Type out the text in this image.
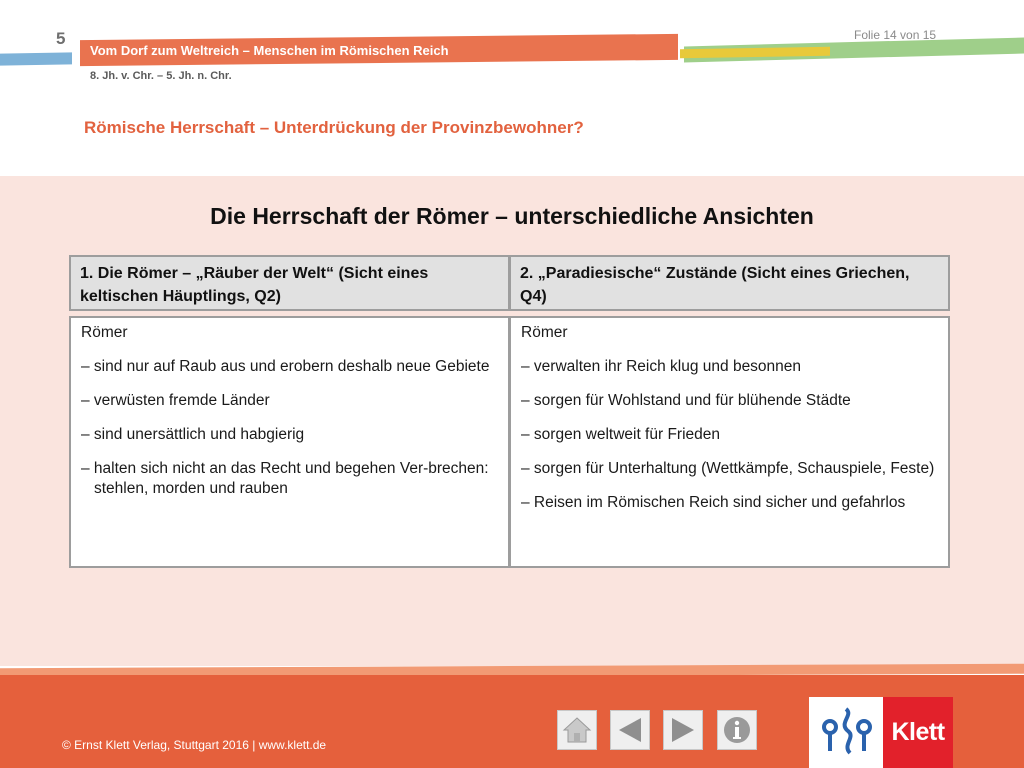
5
Vom Dorf zum Weltreich – Menschen im Römischen Reich
Folie 14 von 15
8. Jh. v. Chr. – 5. Jh. n. Chr.
Römische Herrschaft – Unterdrückung der Provinzbewohner?
Die Herrschaft der Römer – unterschiedliche Ansichten
1. Die Römer – „Räuber der Welt“ (Sicht eines keltischen Häuptlings, Q2)
2. „Paradiesische“ Zustände (Sicht eines Griechen, Q4)
Römer
– sind nur auf Raub aus und erobern deshalb neue Gebiete
– verwüsten fremde Länder
– sind unersättlich und habgierig
– halten sich nicht an das Recht und begehen Ver-brechen: stehlen, morden und rauben
Römer
– verwalten ihr Reich klug und besonnen
– sorgen für Wohlstand und für blühende Städte
– sorgen weltweit für Frieden
– sorgen für Unterhaltung (Wettkämpfe, Schauspiele, Feste)
– Reisen im Römischen Reich sind sicher und gefahrlos
© Ernst Klett Verlag, Stuttgart 2016 | www.klett.de	Klett
